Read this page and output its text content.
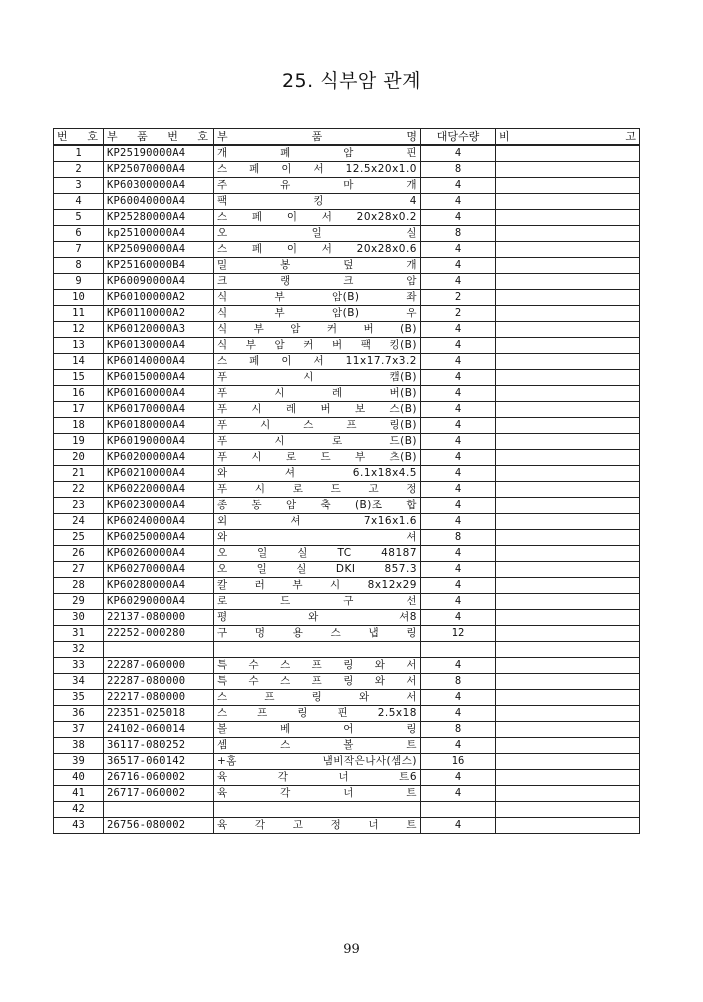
25. 식부암 관계
번 호	부 품 번 호	부 품 명	대당수량	비 고
1	KP25190000A4	개 폐 암 핀	4	
2	KP25070000A4	스 페 이 서 12.5x20x1.0	8	
3	KP60300000A4	주 유 마 개	4	
4	KP60040000A4	팩 킹 4	4	
5	KP25280000A4	스 페 이 서 20x28x0.2	4	
6	kp25100000A4	오 일 실	8	
7	KP25090000A4	스 페 이 서 20x28x0.6	4	
8	KP25160000B4	밀 봉 덮 개	4	
9	KP60090000A4	크 랭 크 암	4	
10	KP60100000A2	식 부 암(B) 좌	2	
11	KP60110000A2	식 부 암(B) 우	2	
12	KP60120000A3	식 부 암 커 버 (B)	4	
13	KP60130000A4	식 부 암 커 버 팩 킹(B)	4	
14	KP60140000A4	스 페 이 서 11x17.7x3.2	4	
15	KP60150000A4	푸 시 캠(B)	4	
16	KP60160000A4	푸 시 레 버(B)	4	
17	KP60170000A4	푸 시 레 버 보 스(B)	4	
18	KP60180000A4	푸 시 스 프 링(B)	4	
19	KP60190000A4	푸 시 로 드(B)	4	
20	KP60200000A4	푸 시 로 드 부 츠(B)	4	
21	KP60210000A4	와 셔 6.1x18x4.5	4	
22	KP60220000A4	푸 시 로 드 고 정	4	
23	KP60230000A4	종 동 암 축 (B)조 합	4	
24	KP60240000A4	외 셔 7x16x1.6	4	
25	KP60250000A4	와 셔	8	
26	KP60260000A4	오 일 실 TC 48187	4	
27	KP60270000A4	오 일 실 DKI 857.3	4	
28	KP60280000A4	칼 러 부 시 8x12x29	4	
29	KP60290000A4	로 드 구 선	4	
30	22137-080000	평 와 셔8	4	
31	22252-000280	구 멍 용 스 냅 링	12	
32				
33	22287-060000	특 수 스 프 링 와 서	4	
34	22287-080000	특 수 스 프 링 와 서	8	
35	22217-080000	스 프 링 와 서	4	
36	22351-025018	스 프 링 핀 2.5x18	4	
37	24102-060014	볼 베 어 링	8	
38	36117-080252	셈 스 볼 트	4	
39	36517-060142	+홈 냄비작은나사(셈스)	16	
40	26716-060002	육 각 너 트6	4	
41	26717-060002	육 각 너 트	4	
42				
43	26756-080002	육 각 고 정 너 트	4	
99
